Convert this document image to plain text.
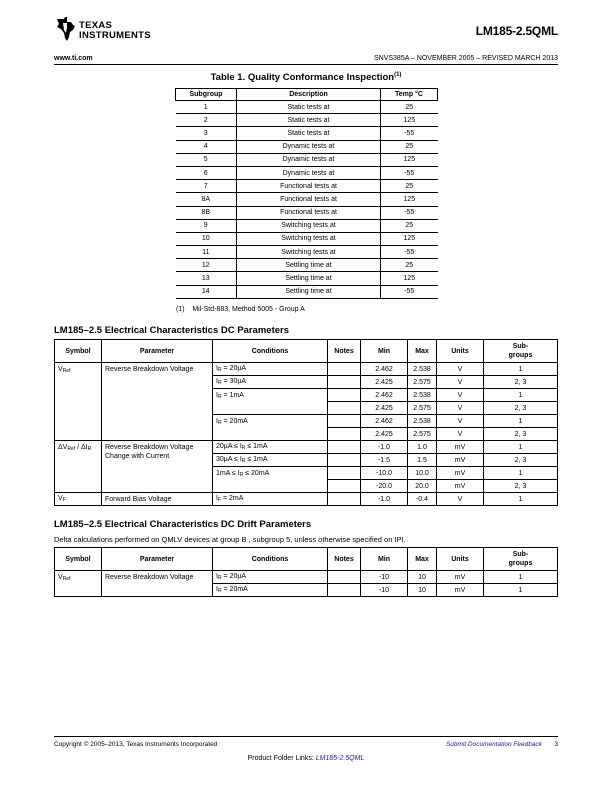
TEXAS
INSTRUMENTS	LM185-2.5QML
www.ti.com	SNVS385A – NOVEMBER 2005 – REVISED MARCH 2013
Table 1. Quality Conformance Inspection$^{(1)}$
Subgroup	Description	Temp °C
1	Static tests at	25
2	Static tests at	125
3	Static tests at	-55
4	Dynamic tests at	25
5	Dynamic tests at	125
6	Dynamic tests at	-55
7	Functional tests at	25
8A	Functional tests at	125
8B	Functional tests at	-55
9	Switching tests at	25
10	Switching tests at	125
11	Switching tests at	-55
12	Settling time at	25
13	Settling time at	125
14	Settling time at	-55
(1) Mil-Std-883, Method 5005 - Group A
LM185–2.5 Electrical Characteristics DC Parameters
Symbol	Parameter	Conditions	Notes	Min	Max	Units	Sub-
groups
$V_{Ref}$	Reverse Breakdown Voltage	$I_R = 20\mu A$		2.462	2.538	V	1
		$I_R = 30\mu A$		2.425	2.575	V	2, 3
		$I_R = 1mA$		2.462	2.538	V	1
				2.425	2.575	V	2, 3
		$I_R = 20mA$		2.462	2.538	V	1
				2.425	2.575	V	2, 3
$\Delta V_{Ref} / \Delta I_R$	Reverse Breakdown Voltage Change with Current	$20\mu A \le I_R \le 1mA$		-1.0	1.0	mV	1
		$30\mu A \le I_R \le 1mA$		-1.5	1.5	mV	2, 3
		$1mA \le I_R \le 20mA$		-10.0	10.0	mV	1
				-20.0	20.0	mV	2, 3
$V_F$	Forward Bias Voltage	$I_F = 2mA$		-1.0	-0.4	V	1
LM185–2.5 Electrical Characteristics DC Drift Parameters
Delta calculations performed on QMLV devices at group B , subgroup 5, unless otherwise specified on IPI.
Symbol	Parameter	Conditions	Notes	Min	Max	Units	Sub-
groups
$V_{Ref}$	Reverse Breakdown Voltage	$I_R = 20\mu A$		-10	10	mV	1
		$I_R = 20mA$		-10	10	mV	1
Copyright © 2005–2013, Texas Instruments Incorporated	Submit Documentation Feedback 3
Product Folder Links: LM185-2.5QML
